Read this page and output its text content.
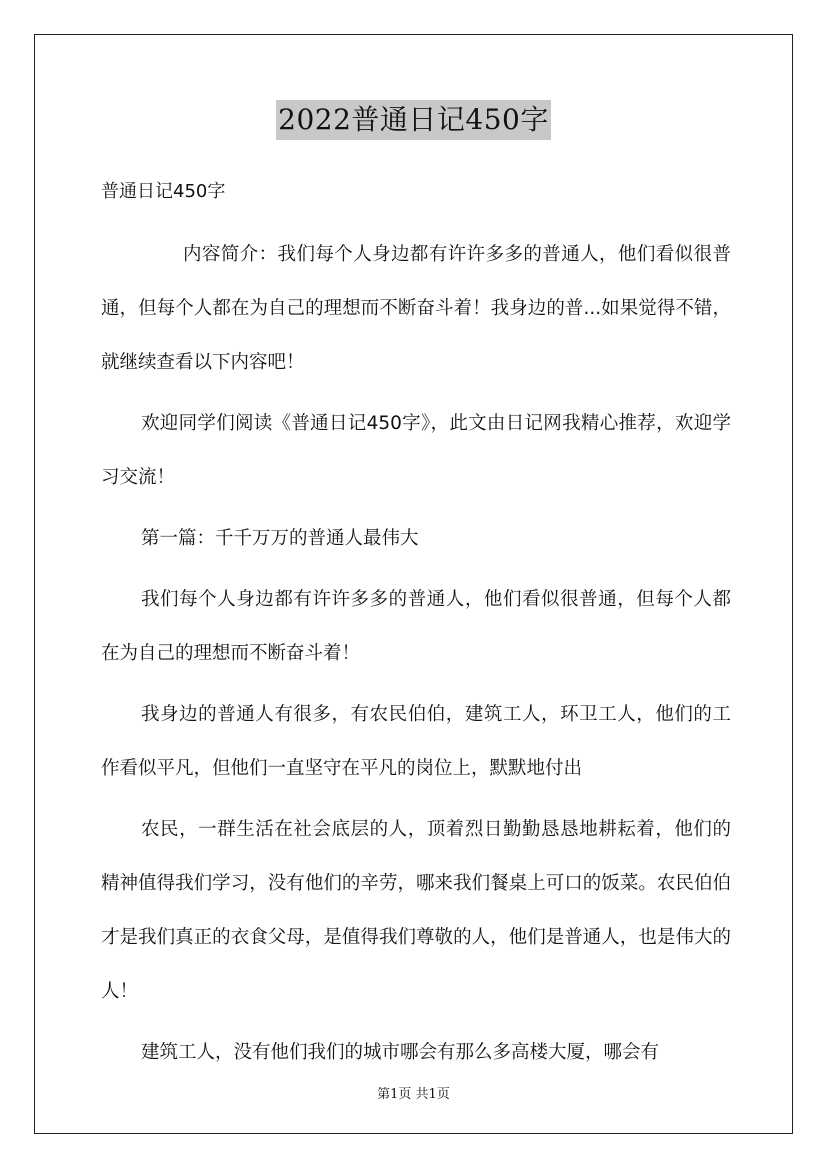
2022普通日记450字
普通日记450字

内容简介：我们每个人身边都有许许多多的普通人，他们看似很普通，但每个人都在为自己的理想而不断奋斗着！我身边的普...如果觉得不错，就继续查看以下内容吧！

欢迎同学们阅读《普通日记450字》，此文由日记网我精心推荐，欢迎学习交流！

第一篇：千千万万的普通人最伟大

我们每个人身边都有许许多多的普通人，他们看似很普通，但每个人都在为自己的理想而不断奋斗着！

我身边的普通人有很多，有农民伯伯，建筑工人，环卫工人，他们的工作看似平凡，但他们一直坚守在平凡的岗位上，默默地付出

农民，一群生活在社会底层的人，顶着烈日勤勤恳恳地耕耘着，他们的精神值得我们学习，没有他们的辛劳，哪来我们餐桌上可口的饭菜。农民伯伯才是我们真正的衣食父母，是值得我们尊敬的人，他们是普通人，也是伟大的人！

建筑工人，没有他们我们的城市哪会有那么多高楼大厦，哪会有

第1页 共1页
